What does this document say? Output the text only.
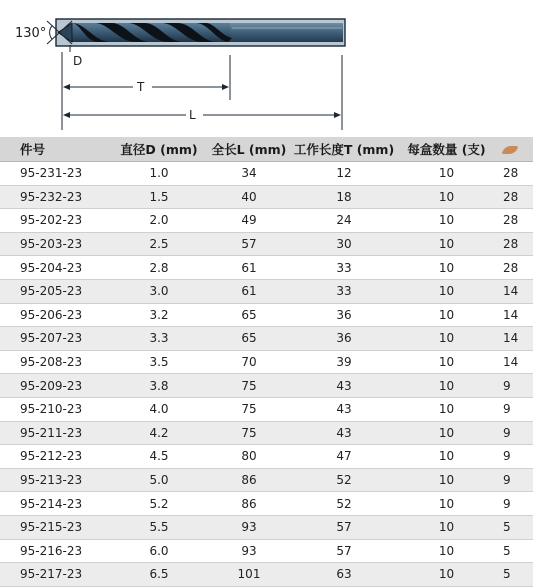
130°
D
T
L
件号	直径D (mm)	全长L (mm)	工作长度T (mm)	每盒数量 (支)	
95-231-23	1.0	34	12	10	28
95-232-23	1.5	40	18	10	28
95-202-23	2.0	49	24	10	28
95-203-23	2.5	57	30	10	28
95-204-23	2.8	61	33	10	28
95-205-23	3.0	61	33	10	14
95-206-23	3.2	65	36	10	14
95-207-23	3.3	65	36	10	14
95-208-23	3.5	70	39	10	14
95-209-23	3.8	75	43	10	9
95-210-23	4.0	75	43	10	9
95-211-23	4.2	75	43	10	9
95-212-23	4.5	80	47	10	9
95-213-23	5.0	86	52	10	9
95-214-23	5.2	86	52	10	9
95-215-23	5.5	93	57	10	5
95-216-23	6.0	93	57	10	5
95-217-23	6.5	101	63	10	5
